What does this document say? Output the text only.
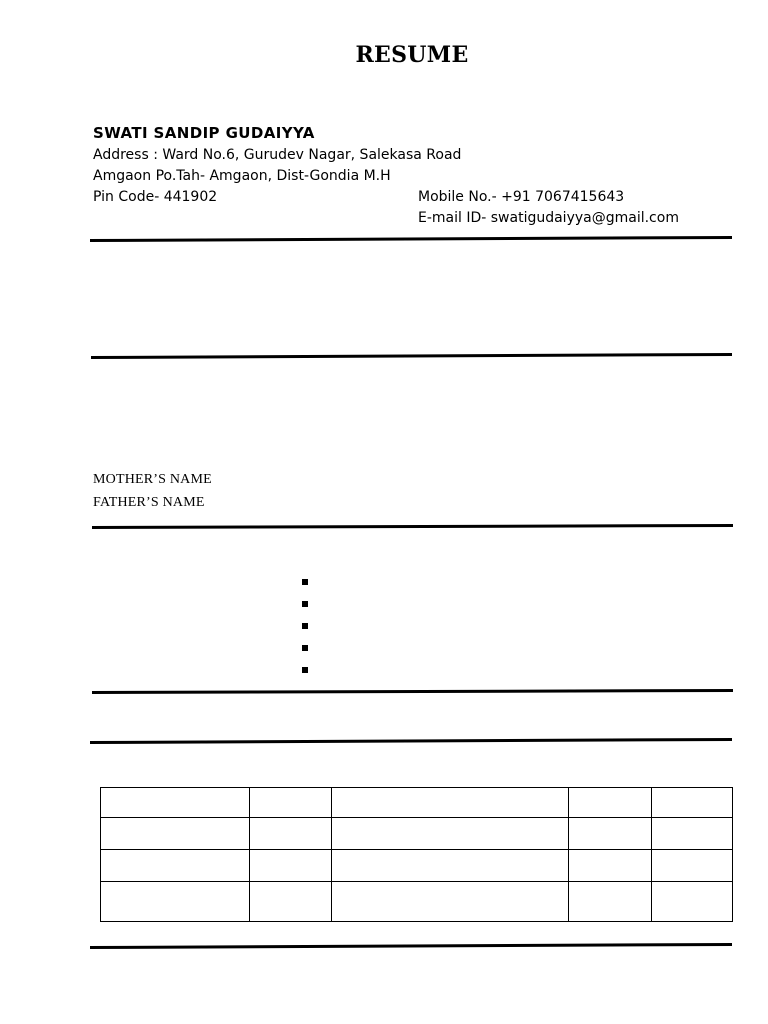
RESUME
SWATI SANDIP GUDAIYYA
Address : Ward No.6, Gurudev Nagar, Salekasa Road
Amgaon Po.Tah- Amgaon, Dist-Gondia M.H
Pin Code- 441902	Mobile No.- +91 7067415643
E-mail ID- swatigudaiyya@gmail.com
MOTHER’S NAME
FATHER’S NAME
